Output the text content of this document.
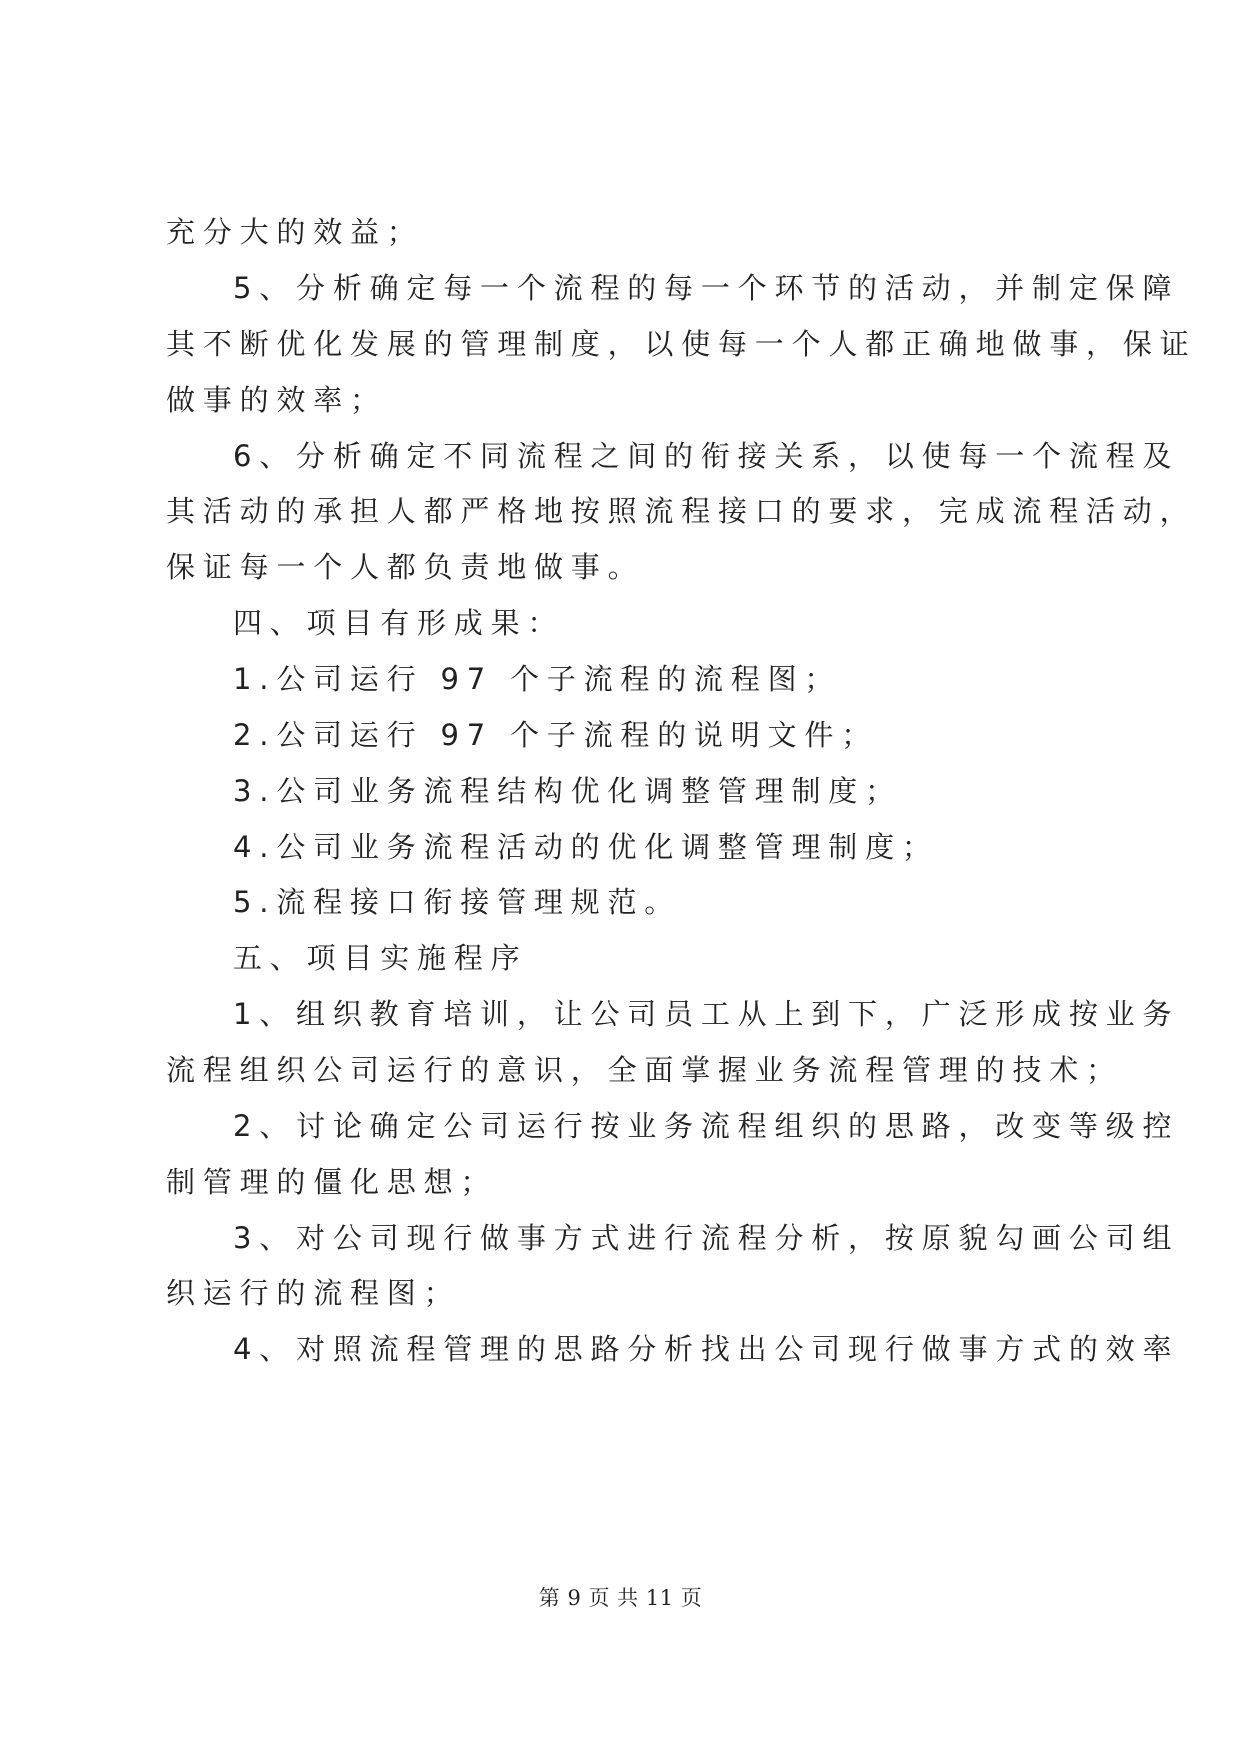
充分大的效益；
5、分析确定每一个流程的每一个环节的活动，并制定保障
其不断优化发展的管理制度，以使每一个人都正确地做事，保证
做事的效率；
6、分析确定不同流程之间的衔接关系，以使每一个流程及
其活动的承担人都严格地按照流程接口的要求，完成流程活动，
保证每一个人都负责地做事。
四、项目有形成果：
1.公司运行 97 个子流程的流程图；
2.公司运行 97 个子流程的说明文件；
3.公司业务流程结构优化调整管理制度；
4.公司业务流程活动的优化调整管理制度；
5.流程接口衔接管理规范。
五、项目实施程序
1、组织教育培训，让公司员工从上到下，广泛形成按业务
流程组织公司运行的意识，全面掌握业务流程管理的技术；
2、讨论确定公司运行按业务流程组织的思路，改变等级控
制管理的僵化思想；
3、对公司现行做事方式进行流程分析，按原貌勾画公司组
织运行的流程图；
4、对照流程管理的思路分析找出公司现行做事方式的效率
第 9 页 共 11 页
